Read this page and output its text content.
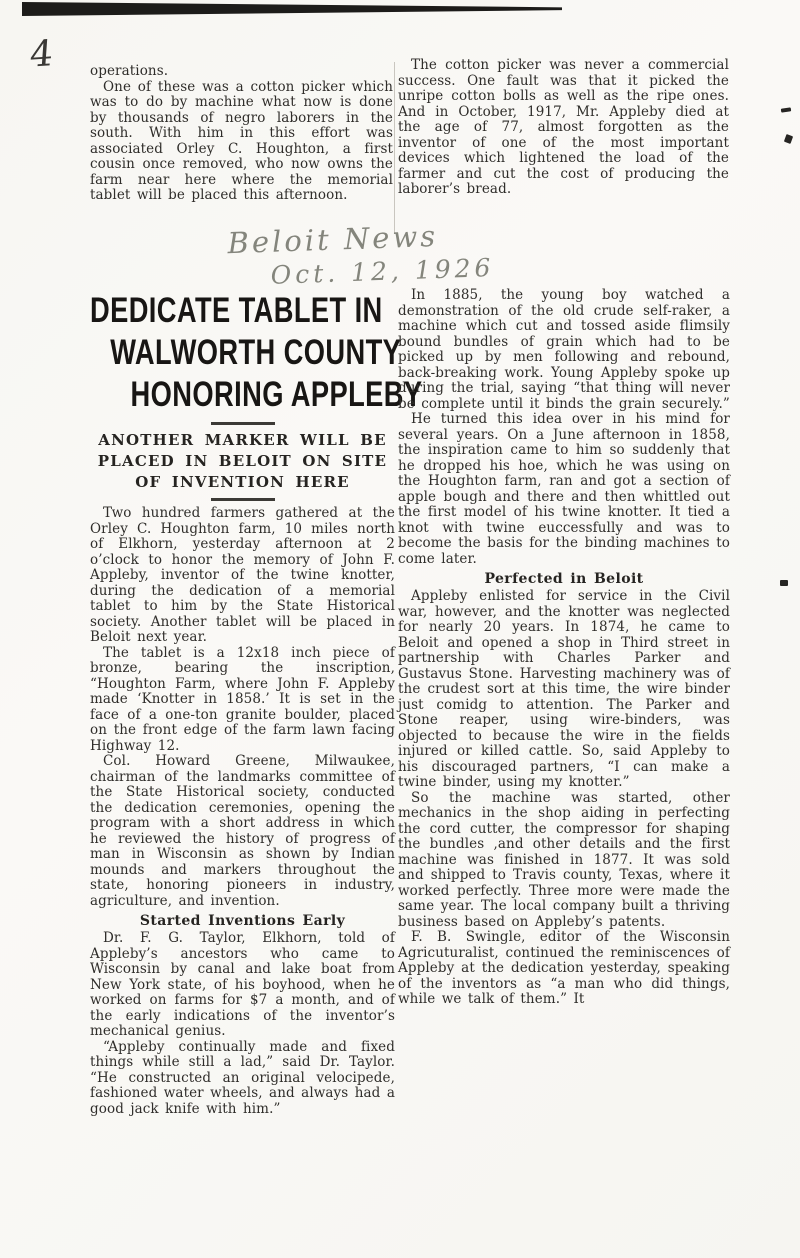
4	operations.

One of these was a cotton picker which was to do by machine what now is done by thousands of negro laborers in the south. With him in this effort was associated Orley C. Houghton, a first cousin once removed, who now owns the farm near here where the memorial tablet will be placed this afternoon.

The cotton picker was never a commercial success. One fault was that it picked the unripe cotton bolls as well as the ripe ones. And in October, 1917, Mr. Appleby died at the age of 77, almost forgotten as the inventor of one of the most important devices which lightened the load of the farmer and cut the cost of producing the laborer’s bread.

Beloit News
Oct. 12, 1926
DEDICATE TABLET IN
WALWORTH COUNTY
HONORING APPLEBY
ANOTHER MARKER WILL BE
PLACED IN BELOIT ON SITE
OF INVENTION HERE

Two hundred farmers gathered at the Orley C. Houghton farm, 10 miles north of Elkhorn, yesterday afternoon at 2 o’clock to honor the memory of John F. Appleby, inventor of the twine knotter, during the dedication of a memorial tablet to him by the State Historical society. Another tablet will be placed in Beloit next year.

The tablet is a 12x18 inch piece of bronze, bearing the inscription, “Houghton Farm, where John F. Appleby made ‘Knotter in 1858.’ It is set in the face of a one-ton granite boulder, placed on the front edge of the farm lawn facing Highway 12.

Col. Howard Greene, Milwaukee, chairman of the landmarks committee of the State Historical society, conducted the dedication ceremonies, opening the program with a short address in which he reviewed the history of progress of man in Wisconsin as shown by Indian mounds and markers throughout the state, honoring pioneers in industry, agriculture, and invention.

Started Inventions Early

Dr. F. G. Taylor, Elkhorn, told of Appleby’s ancestors who came to Wisconsin by canal and lake boat from New York state, of his boyhood, when he worked on farms for $7 a month, and of the early indications of the inventor’s mechanical genius.

“Appleby continually made and fixed things while still a lad,” said Dr. Taylor. “He constructed an original velocipede, fashioned water wheels, and always had a good jack knife with him.”

In 1885, the young boy watched a demonstration of the old crude self-raker, a machine which cut and tossed aside flimsily bound bundles of grain which had to be picked up by men following and rebound, back-breaking work. Young Appleby spoke up during the trial, saying “that thing will never be complete until it binds the grain securely.”

He turned this idea over in his mind for several years. On a June afternoon in 1858, the inspiration came to him so suddenly that he dropped his hoe, which he was using on the Houghton farm, ran and got a section of apple bough and there and then whittled out the first model of his twine knotter. It tied a knot with twine euccessfully and was to become the basis for the binding machines to come later.

Perfected in Beloit

Appleby enlisted for service in the Civil war, however, and the knotter was neglected for nearly 20 years. In 1874, he came to Beloit and opened a shop in Third street in partnership with Charles Parker and Gustavus Stone. Harvesting machinery was of the crudest sort at this time, the wire binder just comidg to attention. The Parker and Stone reaper, using wire-binders, was objected to because the wire in the fields injured or killed cattle. So, said Appleby to his discouraged partners, “I can make a twine binder, using my knotter.”

So the machine was started, other mechanics in the shop aiding in perfecting the cord cutter, the compressor for shaping the bundles ,and other details and the first machine was finished in 1877. It was sold and shipped to Travis county, Texas, where it worked perfectly. Three more were made the same year. The local company built a thriving business based on Appleby’s patents.

F. B. Swingle, editor of the Wisconsin Agricuturalist, continued the reminiscences of Appleby at the dedication yesterday, speaking of the inventors as “a man who did things, while we talk of them.” It
